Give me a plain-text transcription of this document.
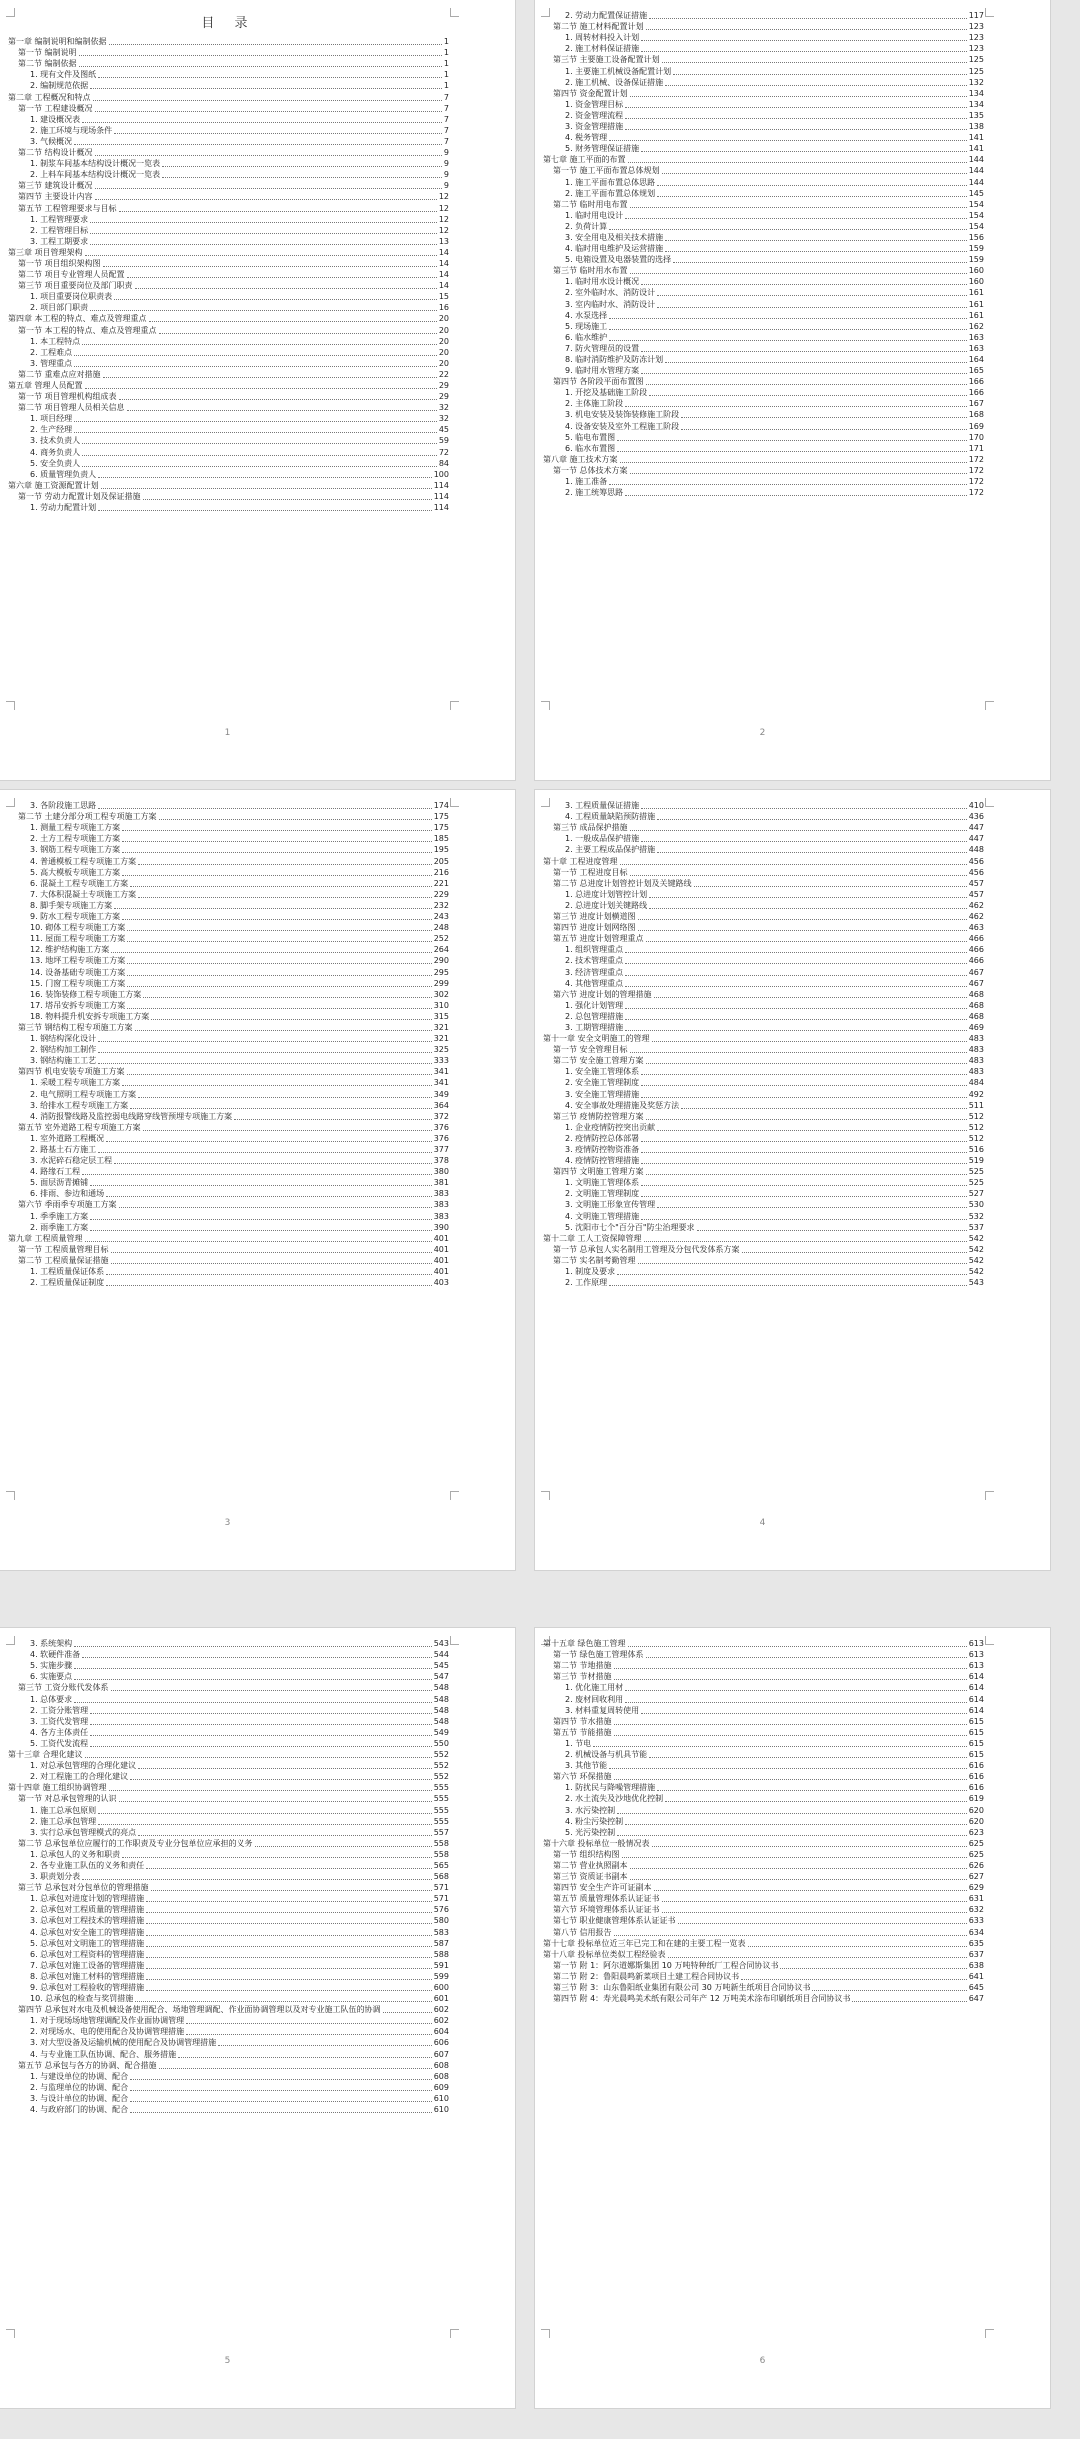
目 录
第一章 编制说明和编制依据	1
第一节 编制说明	1
第二节 编制依据	1
1. 现有文件及图纸	1
2. 编制规范依据	1
第二章 工程概况和特点	7
第一节 工程建设概况	7
1. 建设概况表	7
2. 施工环境与现场条件	7
3. 气候概况	7
第二节 结构设计概况	9
1. 制浆车间基本结构设计概况一览表	9
2. 上料车间基本结构设计概况一览表	9
第三节 建筑设计概况	9
第四节 主要设计内容	12
第五节 工程管理要求与目标	12
1. 工程管理要求	12
2. 工程管理目标	12
3. 工程工期要求	13
第三章 项目管理架构	14
第一节 项目组织架构图	14
第二节 项目专业管理人员配置	14
第三节 项目重要岗位及部门职责	14
1. 项目重要岗位职责表	15
2. 项目部门职责	16
第四章 本工程的特点、难点及管理重点	20
第一节 本工程的特点、难点及管理重点	20
1. 本工程特点	20
2. 工程难点	20
3. 管理重点	20
第二节 重难点应对措施	22
第五章 管理人员配置	29
第一节 项目管理机构组成表	29
第二节 项目管理人员相关信息	32
1. 项目经理	32
2. 生产经理	45
3. 技术负责人	59
4. 商务负责人	72
5. 安全负责人	84
6. 质量管理负责人	100
第六章 施工资源配置计划	114
第一节 劳动力配置计划及保证措施	114
1. 劳动力配置计划	114
1
2. 劳动力配置保证措施	117
第二节 施工材料配置计划	123
1. 周转材料投入计划	123
2. 施工材料保证措施	123
第三节 主要施工设备配置计划	125
1. 主要施工机械设备配置计划	125
2. 施工机械、设备保证措施	132
第四节 资金配置计划	134
1. 资金管理目标	134
2. 资金管理流程	135
3. 资金管理措施	138
4. 税务管理	141
5. 财务管理保证措施	141
第七章 施工平面的布置	144
第一节 施工平面布置总体规划	144
1. 施工平面布置总体思路	144
2. 施工平面布置总体规划	145
第二节 临时用电布置	154
1. 临时用电设计	154
2. 负荷计算	154
3. 安全用电及相关技术措施	156
4. 临时用电维护及运营措施	159
5. 电箱设置及电器装置的选择	159
第三节 临时用水布置	160
1. 临时用水设计概况	160
2. 室外临时水、消防设计	161
3. 室内临时水、消防设计	161
4. 水泵选择	161
5. 现场施工	162
6. 临水维护	163
7. 防火管理员的设置	163
8. 临时消防维护及防冻计划	164
9. 临时用水管理方案	165
第四节 各阶段平面布置图	166
1. 开挖及基础施工阶段	166
2. 主体施工阶段	167
3. 机电安装及装饰装修施工阶段	168
4. 设备安装及室外工程施工阶段	169
5. 临电布置图	170
6. 临水布置图	171
第八章 施工技术方案	172
第一节 总体技术方案	172
1. 施工准备	172
2. 施工统筹思路	172
2
3. 各阶段施工思路	174
第二节 土建分部分项工程专项施工方案	175
1. 测量工程专项施工方案	175
2. 土方工程专项施工方案	185
3. 钢筋工程专项施工方案	195
4. 普通模板工程专项施工方案	205
5. 高大模板专项施工方案	216
6. 混凝土工程专项施工方案	221
7. 大体积混凝土专项施工方案	229
8. 脚手架专项施工方案	232
9. 防水工程专项施工方案	243
10. 砌体工程专项施工方案	248
11. 屋面工程专项施工方案	252
12. 维护结构施工方案	264
13. 地坪工程专项施工方案	290
14. 设备基础专项施工方案	295
15. 门窗工程专项施工方案	299
16. 装饰装修工程专项施工方案	302
17. 塔吊安拆专项施工方案	310
18. 物料提升机安拆专项施工方案	315
第三节 钢结构工程专项施工方案	321
1. 钢结构深化设计	321
2. 钢结构加工制作	325
3. 钢结构施工工艺	333
第四节 机电安装专项施工方案	341
1. 采暖工程专项施工方案	341
2. 电气照明工程专项施工方案	349
3. 给排水工程专项施工方案	364
4. 消防报警线路及监控弱电线路穿线管预埋专项施工方案	372
第五节 室外道路工程专项施工方案	376
1. 室外道路工程概况	376
2. 路基土石方施工	377
3. 水泥碎石稳定层工程	378
4. 路缘石工程	380
5. 面层沥青摊铺	381
6. 排雨、参边和通场	383
第六节 季雨季专项施工方案	383
1. 季季施工方案	383
2. 雨季施工方案	390
第九章 工程质量管理	401
第一节 工程质量管理目标	401
第二节 工程质量保证措施	401
1. 工程质量保证体系	401
2. 工程质量保证制度	403
3
3. 工程质量保证措施	410
4. 工程质量缺陷预防措施	436
第三节 成品保护措施	447
1. 一般成品保护措施	447
2. 主要工程成品保护措施	448
第十章 工程进度管理	456
第一节 工程进度目标	456
第二节 总进度计划管控计划及关键路线	457
1. 总进度计划管控计划	457
2. 总进度计划关键路线	462
第三节 进度计划横道图	462
第四节 进度计划网络图	463
第五节 进度计划管理重点	466
1. 组织管理重点	466
2. 技术管理重点	466
3. 经济管理重点	467
4. 其他管理重点	467
第六节 进度计划的管理措施	468
1. 强化计划管理	468
2. 总包管理措施	468
3. 工期管理措施	469
第十一章 安全文明施工的管理	483
第一节 安全管理目标	483
第二节 安全施工管理方案	483
1. 安全施工管理体系	483
2. 安全施工管理制度	484
3. 安全施工管理措施	492
4. 安全事故处理措施及奖惩方法	511
第三节 疫情防控管理方案	512
1. 企业疫情防控突出贡献	512
2. 疫情防控总体部署	512
3. 疫情防控物资准备	516
4. 疫情防控管理措施	519
第四节 文明施工管理方案	525
1. 文明施工管理体系	525
2. 文明施工管理制度	527
3. 文明施工形象宣传管理	530
4. 文明施工管理措施	532
5. 沈阳市七个"百分百"防尘治理要求	537
第十二章 工人工资保障管理	542
第一节 总承包人实名制用工管理及分包代发体系方案	542
第二节 实名制考勤管理	542
1. 制度及要求	542
2. 工作原理	543
4
3. 系统架构	543
4. 软硬件准备	544
5. 实施步骤	545
6. 实施要点	547
第三节 工资分账代发体系	548
1. 总体要求	548
2. 工资分账管理	548
3. 工资代发管理	548
4. 各方主体责任	549
5. 工资代发流程	550
第十三章 合理化建议	552
1. 对总承包管理的合理化建议	552
2. 对工程施工的合理化建议	552
第十四章 施工组织协调管理	555
第一节 对总承包管理的认识	555
1. 施工总承包原则	555
2. 施工总承包管理	555
3. 实行总承包管理模式的亮点	557
第二节 总承包单位应履行的工作职责及专业分包单位应承担的义务	558
1. 总承包人的义务和职责	558
2. 各专业施工队伍的义务和责任	565
3. 职责划分表	568
第三节 总承包对分包单位的管理措施	571
1. 总承包对进度计划的管理措施	571
2. 总承包对工程质量的管理措施	576
3. 总承包对工程技术的管理措施	580
4. 总承包对安全施工的管理措施	583
5. 总承包对文明施工的管理措施	587
6. 总承包对工程资料的管理措施	588
7. 总承包对施工设备的管理措施	591
8. 总承包对施工材料的管理措施	599
9. 总承包对工程验收的管理措施	600
10. 总承包的检查与奖罚措施	601
第四节 总承包对水电及机械设备使用配合、场地管理调配、作业面协调管理以及对专业施工队伍的协调	602
1. 对于现场场地管理调配及作业面协调管理	602
2. 对现场水、电的使用配合及协调管理措施	604
3. 对大型设备及运输机械的使用配合及协调管理措施	606
4. 与专业施工队伍协调、配合、服务措施	607
第五节 总承包与各方的协调、配合措施	608
1. 与建设单位的协调、配合	608
2. 与监理单位的协调、配合	609
3. 与设计单位的协调、配合	610
4. 与政府部门的协调、配合	610
5
第十五章 绿色施工管理	613
第一节 绿色施工管理体系	613
第二节 节地措施	613
第三节 节材措施	614
1. 优化施工用材	614
2. 废材回收利用	614
3. 材料重复周转使用	614
第四节 节水措施	615
第五节 节能措施	615
1. 节电	615
2. 机械设备与机具节能	615
3. 其他节能	616
第六节 环保措施	616
1. 防扰民与降噪管理措施	616
2. 水土流失及沙地优化控制	619
3. 水污染控制	620
4. 粉尘污染控制	620
5. 光污染控制	623
第十六章 投标单位一般情况表	625
第一节 组织结构图	625
第二节 营业执照副本	626
第三节 资质证书副本	627
第四节 安全生产许可证副本	629
第五节 质量管理体系认证证书	631
第六节 环境管理体系认证证书	632
第七节 职业健康管理体系认证证书	633
第八节 信用报告	634
第十七章 投标单位近三年已完工和在建的主要工程一览表	635
第十八章 投标单位类似工程经验表	637
第一节 附 1：阿尔道娜斯集团 10 万吨特种纸厂工程合同协议书	638
第二节 附 2：鲁阳晨鸣新菜项目土建工程合同协议书	641
第三节 附 3：山东鲁阳纸业集团有限公司 30 万吨新生纸项目合同协议书	645
第四节 附 4：寿光晨鸣美术纸有限公司年产 12 万吨美术涂布印刷纸项目合同协议书	647
6
